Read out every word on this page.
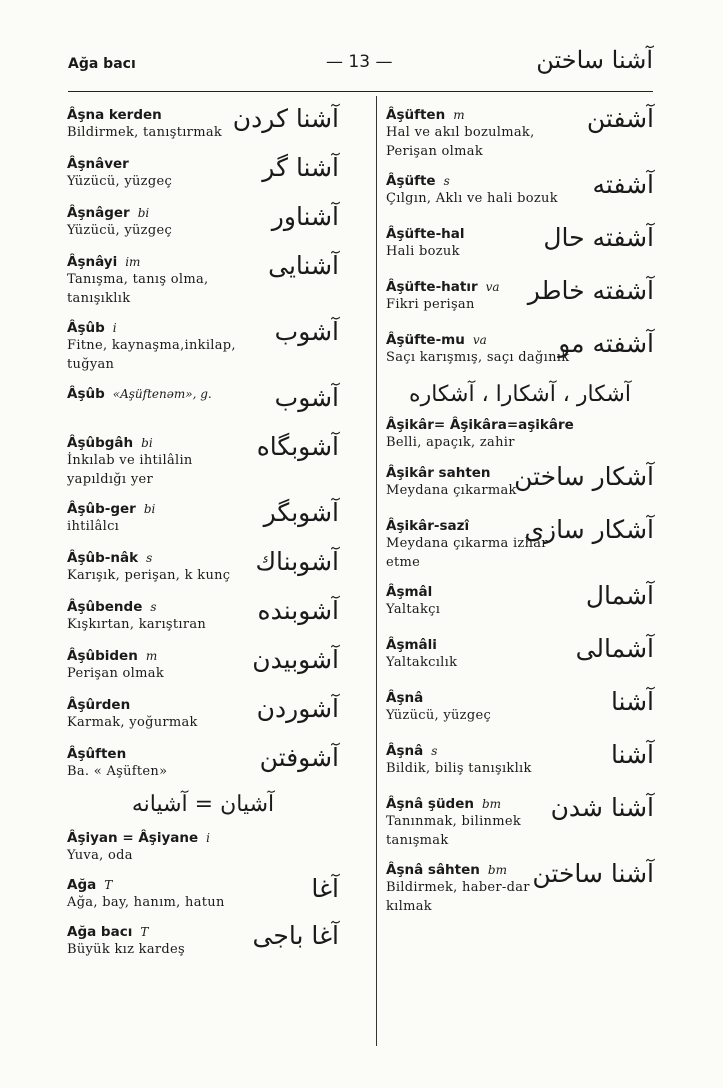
Ağa bacı	— 13 —	آشنا ساختن
Âşna kerden
Bildirmek, tanıştırmak آشنا کردن
Âşnâver
Yüzücü, yüzgeç	آشنا گر
Âşnâger bi
Yüzücü, yüzgeç	آشناور
Âşnâyi im
Tanışma, tanış olma, tanışıklık
آشنایی
Âşûb i
Fitne, kaynaşma,inkilap, tuğyan
آشوب
Âşûb «Aşüftenəm», g.	آشوب
Âşûbgâh bi
İnkılab ve ihtilâlin yapıldığı yer
آشوبگاه
Âşûb-ger bi
ihtilâlcı	آشوبگر
Âşûb-nâk s
Karışık, perişan, k kunç	آشوبناك
Âşûbende s
Kışkırtan, karıştıran	آشوبنده
Âşûbiden m
Perişan olmak	آشوبیدن
Âşûrden
Karmak, yoğurmak	آشوردن
Âşûften
Ba. « Aşüften»	آشوفتن
آشیان = آشیانه
Âşiyan = Âşiyane i
Yuva, oda
Ağa T
Ağa, bay, hanım, hatun	آغا
Ağa bacı T
Büyük kız kardeş	آغا باجی
Âşüften m
Hal ve akıl bozulmak, Perişan olmak
آشفتن
Âşüfte s
Çılgın, Aklı ve hali bozuk	آشفته
Âşüfte-hal
Hali bozuk	آشفته حال
Âşüfte-hatır va
Fikri perişan	آشفته خاطر
Âşüfte-mu va
Saçı karışmış, saçı dağınık
آشفته مو
آشکار ، آشکارا ، آشکاره
Âşikâr= Âşikâra=aşikâre
Belli, apaçık, zahir
Âşikâr sahten
Meydana çıkarmak
آشکار ساختن
Âşikâr-sazî
Meydana çıkarma izhar etme
آشکار سازی
Âşmâl
Yaltakçı	آشمال
Âşmâli
Yaltakcılık	آشمالی
Âşnâ
Yüzücü, yüzgeç	آشنا
Âşnâ s
Bildik, biliş tanışıklık	آشنا
Âşnâ şüden bm
Tanınmak, bilinmek tanışmak
آشنا شدن
Âşnâ sâhten bm
Bildirmek, haber-dar kılmak
آشنا ساختن
